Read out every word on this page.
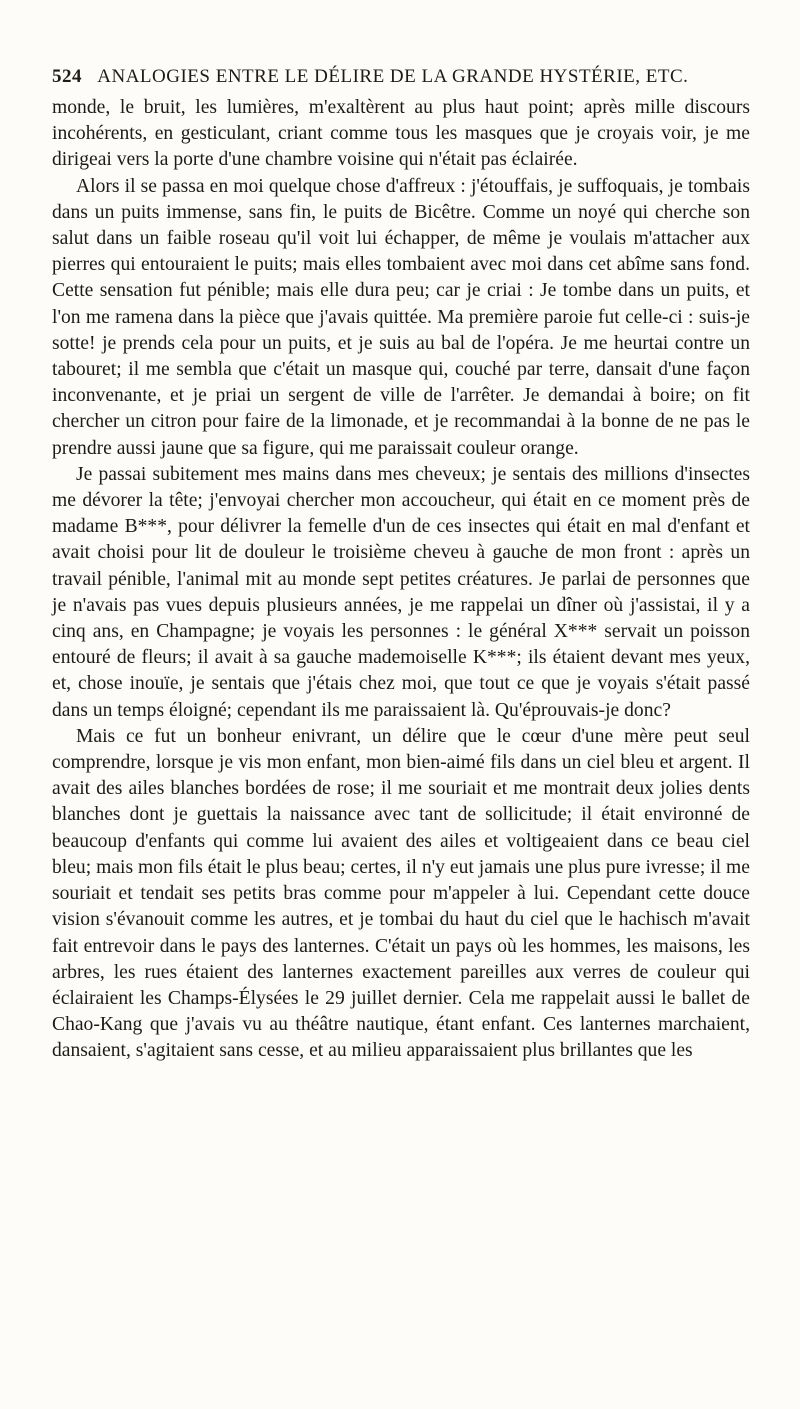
524 ANALOGIES ENTRE LE DÉLIRE DE LA GRANDE HYSTÉRIE, ETC.

monde, le bruit, les lumières, m'exaltèrent au plus haut point; après mille discours incohérents, en gesticulant, criant comme tous les masques que je croyais voir, je me dirigeai vers la porte d'une chambre voisine qui n'était pas éclairée.

Alors il se passa en moi quelque chose d'affreux : j'étouffais, je suffoquais, je tombais dans un puits immense, sans fin, le puits de Bicêtre. Comme un noyé qui cherche son salut dans un faible roseau qu'il voit lui échapper, de même je voulais m'attacher aux pierres qui entouraient le puits; mais elles tombaient avec moi dans cet abîme sans fond. Cette sensation fut pénible; mais elle dura peu; car je criai : Je tombe dans un puits, et l'on me ramena dans la pièce que j'avais quittée. Ma première paroie fut celle-ci : suis-je sotte! je prends cela pour un puits, et je suis au bal de l'opéra. Je me heurtai contre un tabouret; il me sembla que c'était un masque qui, couché par terre, dansait d'une façon inconvenante, et je priai un sergent de ville de l'arrêter. Je demandai à boire; on fit chercher un citron pour faire de la limonade, et je recommandai à la bonne de ne pas le prendre aussi jaune que sa figure, qui me paraissait couleur orange.

Je passai subitement mes mains dans mes cheveux; je sentais des millions d'insectes me dévorer la tête; j'envoyai chercher mon accoucheur, qui était en ce moment près de madame B***, pour délivrer la femelle d'un de ces insectes qui était en mal d'enfant et avait choisi pour lit de douleur le troisième cheveu à gauche de mon front : après un travail pénible, l'animal mit au monde sept petites créatures. Je parlai de personnes que je n'avais pas vues depuis plusieurs années, je me rappelai un dîner où j'assistai, il y a cinq ans, en Champagne; je voyais les personnes : le général X*** servait un poisson entouré de fleurs; il avait à sa gauche mademoiselle K***; ils étaient devant mes yeux, et, chose inouïe, je sentais que j'étais chez moi, que tout ce que je voyais s'était passé dans un temps éloigné; cependant ils me paraissaient là. Qu'éprouvais-je donc?

Mais ce fut un bonheur enivrant, un délire que le cœur d'une mère peut seul comprendre, lorsque je vis mon enfant, mon bien-aimé fils dans un ciel bleu et argent. Il avait des ailes blanches bordées de rose; il me souriait et me montrait deux jolies dents blanches dont je guettais la naissance avec tant de sollicitude; il était environné de beaucoup d'enfants qui comme lui avaient des ailes et voltigeaient dans ce beau ciel bleu; mais mon fils était le plus beau; certes, il n'y eut jamais une plus pure ivresse; il me souriait et tendait ses petits bras comme pour m'appeler à lui. Cependant cette douce vision s'évanouit comme les autres, et je tombai du haut du ciel que le hachisch m'avait fait entrevoir dans le pays des lanternes. C'était un pays où les hommes, les maisons, les arbres, les rues étaient des lanternes exactement pareilles aux verres de couleur qui éclairaient les Champs-Élysées le 29 juillet dernier. Cela me rappelait aussi le ballet de Chao-Kang que j'avais vu au théâtre nautique, étant enfant. Ces lanternes marchaient, dansaient, s'agitaient sans cesse, et au milieu apparaissaient plus brillantes que les
